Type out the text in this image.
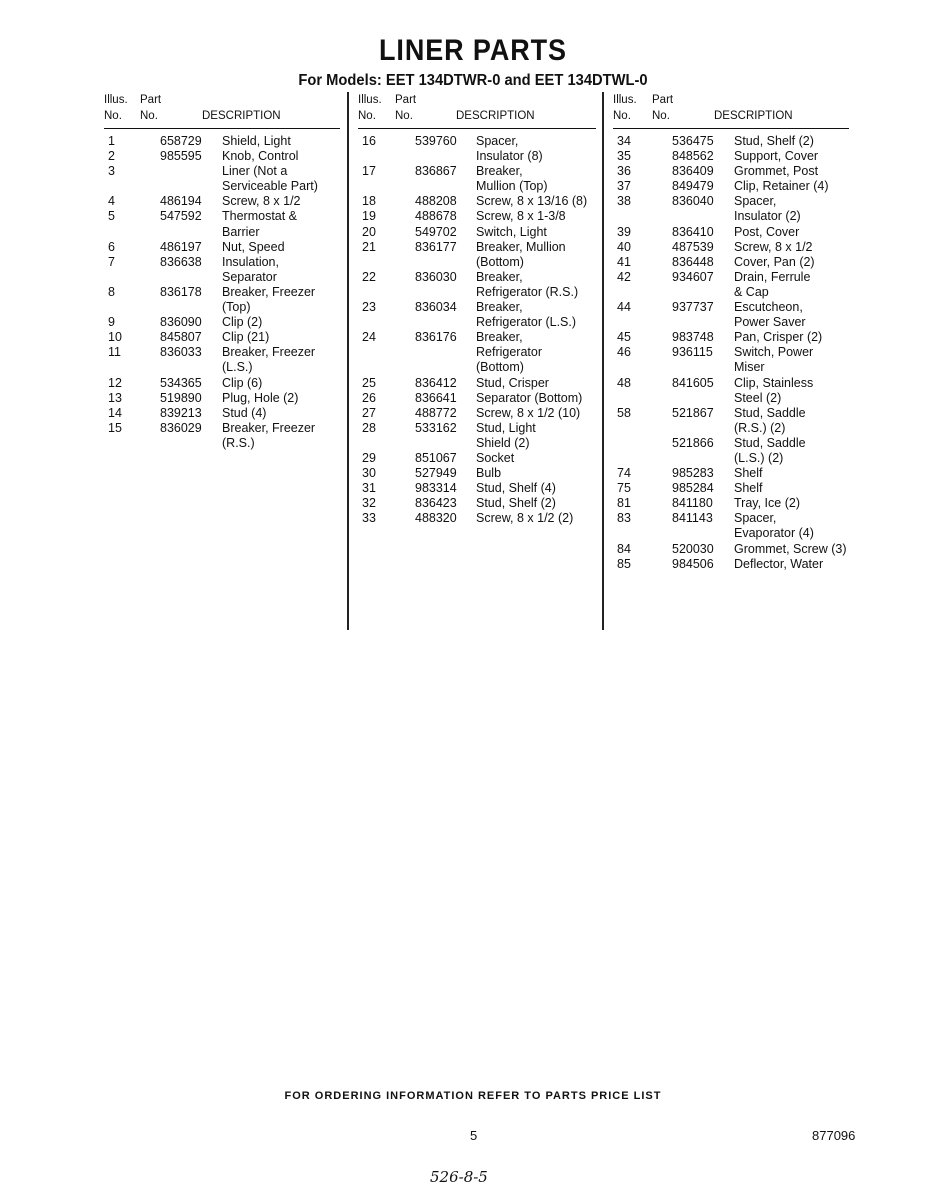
LINER PARTS
For Models: EET 134DTWR-0 and EET 134DTWL-0
Illus. Part
No. No.	DESCRIPTION
1	658729 Shield, Light
2	985595 Knob, Control
3	Liner (Not a
Serviceable Part)
4	486194 Screw, 8 x 1/2
5	547592 Thermostat &
Barrier
6	486197 Nut, Speed
7	836638 Insulation,
Separator
8	836178 Breaker, Freezer
(Top)
9	836090 Clip (2)
10	845807 Clip (21)
11	836033 Breaker, Freezer
(L.S.)
12	534365 Clip (6)
13	519890 Plug, Hole (2)
14	839213 Stud (4)
15	836029 Breaker, Freezer
(R.S.)
Illus. Part
No. No.	DESCRIPTION
16	539760 Spacer,
Insulator (8)
17	836867 Breaker,
Mullion (Top)
18	488208 Screw, 8 x 13/16 (8)
19	488678 Screw, 8 x 1-3/8
20	549702 Switch, Light
21	836177 Breaker, Mullion
(Bottom)
22	836030 Breaker,
Refrigerator (R.S.)
23	836034 Breaker,
Refrigerator (L.S.)
24	836176 Breaker,
Refrigerator
(Bottom)
25	836412 Stud, Crisper
26	836641 Separator (Bottom)
27	488772 Screw, 8 x 1/2 (10)
28	533162 Stud, Light
Shield (2)
29	851067 Socket
30	527949 Bulb
31	983314 Stud, Shelf (4)
32	836423 Stud, Shelf (2)
33	488320 Screw, 8 x 1/2 (2)
Illus. Part
No. No.	DESCRIPTION
34	536475 Stud, Shelf (2)
35	848562 Support, Cover
36	836409 Grommet, Post
37	849479 Clip, Retainer (4)
38	836040 Spacer,
Insulator (2)
39	836410 Post, Cover
40	487539 Screw, 8 x 1/2
41	836448 Cover, Pan (2)
42	934607 Drain, Ferrule
& Cap
44	937737 Escutcheon,
Power Saver
45	983748 Pan, Crisper (2)
46	936115 Switch, Power
Miser
48	841605 Clip, Stainless
Steel (2)
58	521867 Stud, Saddle
(R.S.) (2)
521866 Stud, Saddle
(L.S.) (2)
74	985283 Shelf
75	985284 Shelf
81	841180 Tray, Ice (2)
83	841143 Spacer,
Evaporator (4)
84	520030 Grommet, Screw (3)
85	984506 Deflector, Water
FOR ORDERING INFORMATION REFER TO PARTS PRICE LIST
5	877096
526-8-5
